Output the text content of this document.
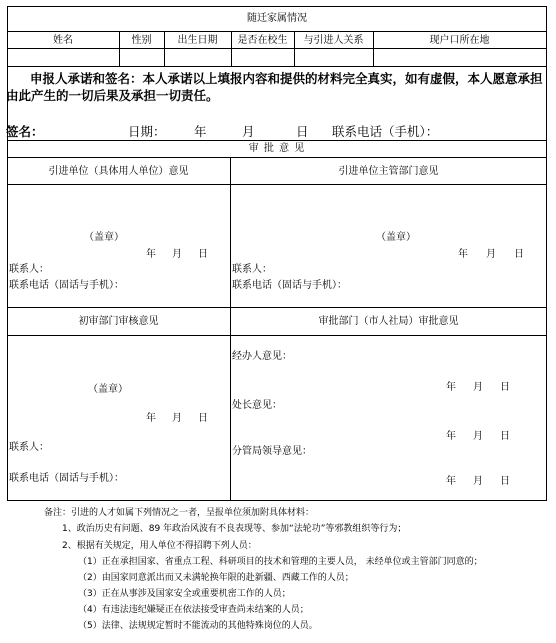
随迁家属情况
姓名	性别	出生日期	是否在校生	与引进人关系	现户口所在地
申报人承诺和签名：本人承诺以上填报内容和提供的材料完全真实，如有虚假，本人愿意承担由此产生的一切后果及承担一切责任。
签名：	日期： 年	月	日 联系电话（手机）：
审 批 意 见
引进单位（具体用人单位）意见	引进单位主管部门意见
（盖章）
年 月 日
联系人：
联系电话（固话与手机）：
（盖章）
年 月 日
联系人：
联系电话（固话与手机）：
初审部门审核意见	审批部门（市人社局）审批意见
（盖章）
年 月 日
联系人：
联系电话（固话与手机）：
经办人意见：
年 月 日
处长意见：
年 月 日
分管局领导意见：
年 月 日
备注：引进的人才如属下列情况之一者，呈报单位须加附具体材料：
1、政治历史有问题、89 年政治风波有不良表现等、参加“法轮功”等邪教组织等行为；
2、根据有关规定，用人单位不得招聘下列人员：
（1）正在承担国家、省重点工程、科研项目的技术和管理的主要人员， 未经单位或主管部门同意的；
（2）由国家同意派出而又未满轮换年限的赴新疆、西藏工作的人员；
（3）正在从事涉及国家安全或重要机密工作的人员；
（4）有违法违纪嫌疑正在依法接受审查尚未结案的人员；
（5）法律、法规规定暂时不能流动的其他特殊岗位的人员。
